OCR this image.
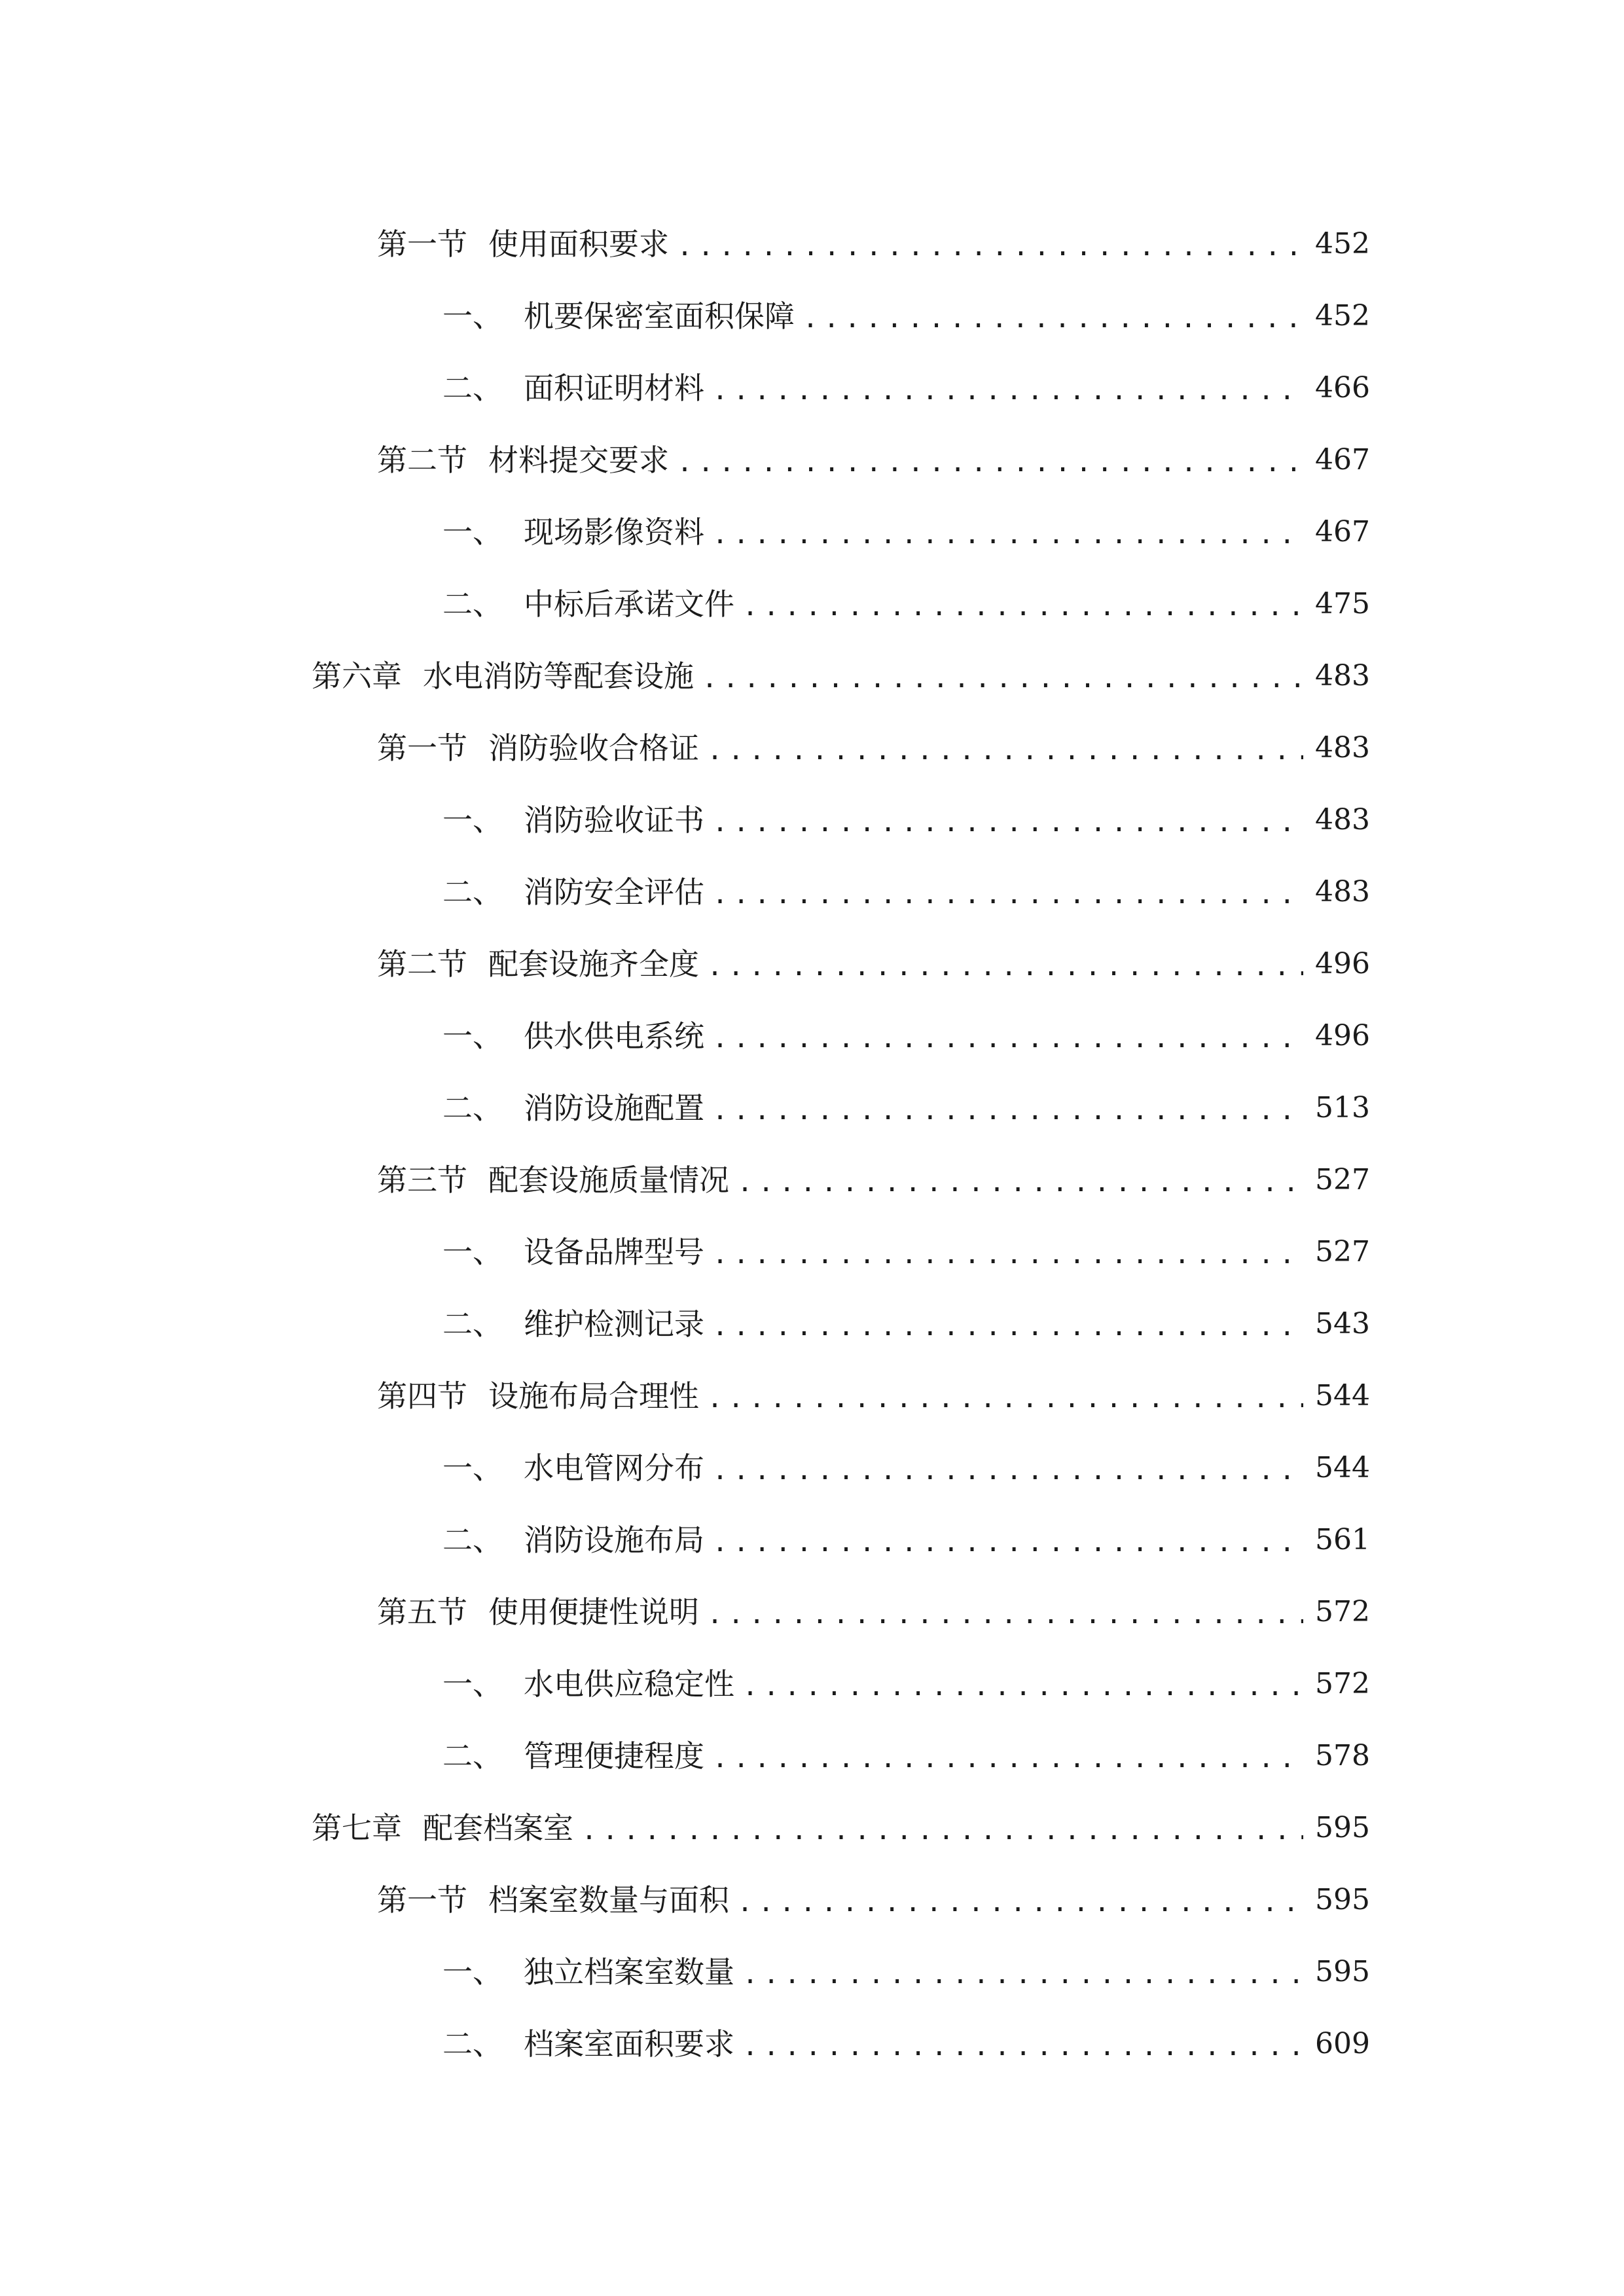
第一节 使用面积要求 .....	452
一、 机要保密室面积保障 .....	452
二、 面积证明材料 .....	466
第二节 材料提交要求 .....	467
一、 现场影像资料 .....	467
二、 中标后承诺文件 .....	475
第六章 水电消防等配套设施 .....	483
第一节 消防验收合格证 .....	483
一、 消防验收证书 .....	483
二、 消防安全评估 .....	483
第二节 配套设施齐全度 .....	496
一、 供水供电系统 .....	496
二、 消防设施配置 .....	513
第三节 配套设施质量情况 .....	527
一、 设备品牌型号 .....	527
二、 维护检测记录 .....	543
第四节 设施布局合理性 .....	544
一、 水电管网分布 .....	544
二、 消防设施布局 .....	561
第五节 使用便捷性说明 .....	572
一、 水电供应稳定性 .....	572
二、 管理便捷程度 .....	578
第七章 配套档案室 .....	595
第一节 档案室数量与面积 .....	595
一、 独立档案室数量 .....	595
二、 档案室面积要求 .....	609
